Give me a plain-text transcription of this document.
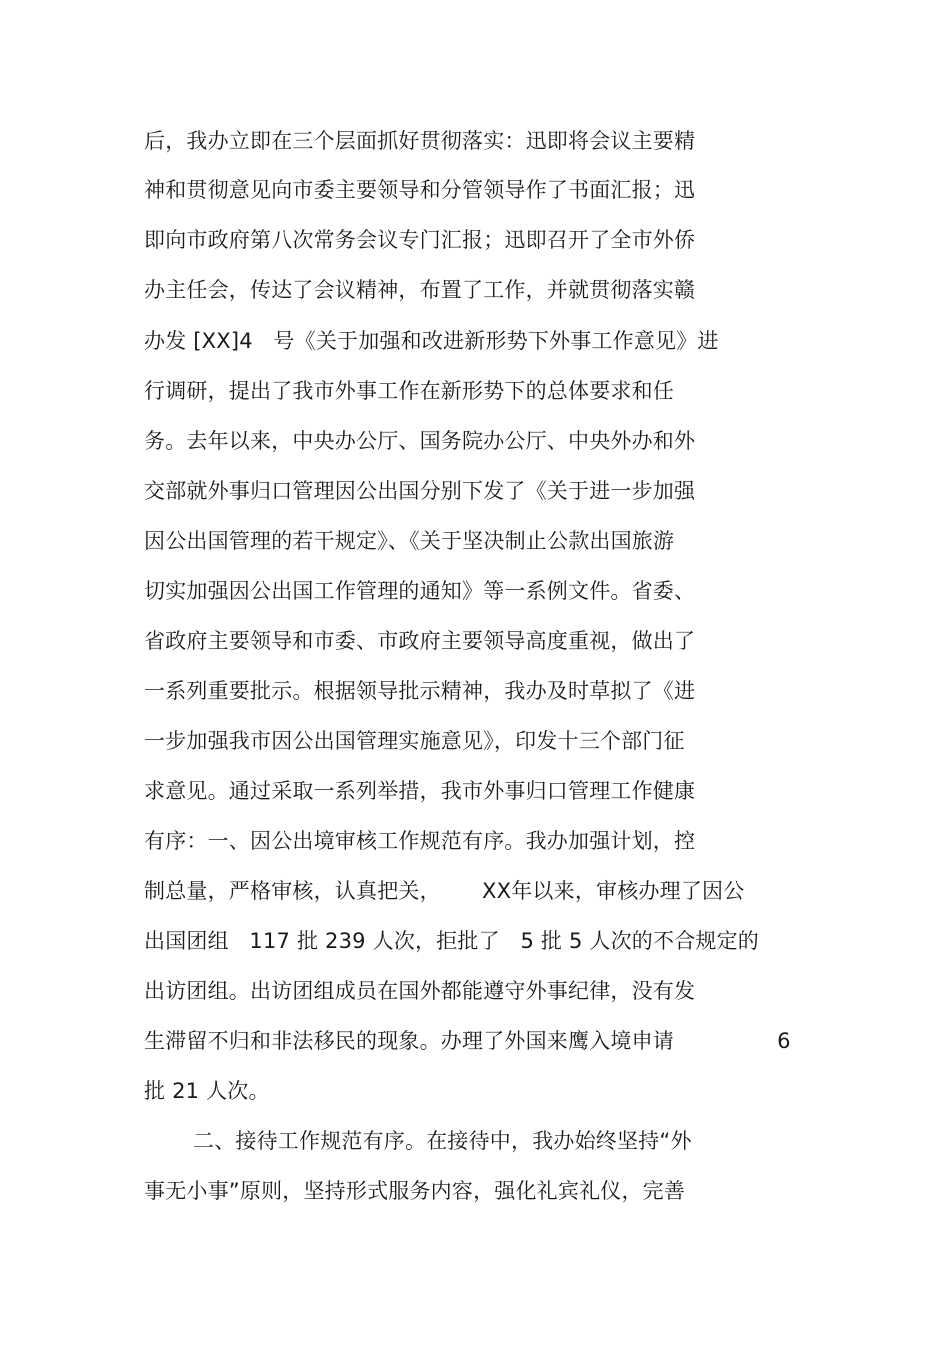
后，我办立即在三个层面抓好贯彻落实：迅即将会议主要精
神和贯彻意见向市委主要领导和分管领导作了书面汇报；迅
即向市政府第八次常务会议专门汇报；迅即召开了全市外侨
办主任会，传达了会议精神，布置了工作，并就贯彻落实赣
办发 [XX]4   号《关于加强和改进新形势下外事工作意见》进
行调研，提出了我市外事工作在新形势下的总体要求和任
务。去年以来，中央办公厅、国务院办公厅、中央外办和外
交部就外事归口管理因公出国分别下发了《关于进一步加强
因公出国管理的若干规定》、《关于坚决制止公款出国旅游
切实加强因公出国工作管理的通知》等一系例文件。省委、
省政府主要领导和市委、市政府主要领导高度重视，做出了
一系列重要批示。根据领导批示精神，我办及时草拟了《进
一步加强我市因公出国管理实施意见》，印发十三个部门征
求意见。通过采取一系列举措，我市外事归口管理工作健康
有序：一、因公出境审核工作规范有序。我办加强计划，控
制总量，严格审核，认真把关，      XX年以来，审核办理了因公
出国团组   117 批 239 人次，拒批了   5 批 5 人次的不合规定的
出访团组。出访团组成员在国外都能遵守外事纪律，没有发
生滞留不归和非法移民的现象。办理了外国来鹰入境申请               6
批 21 人次。
二、接待工作规范有序。在接待中，我办始终坚持“外
事无小事”原则，坚持形式服务内容，强化礼宾礼仪，完善
